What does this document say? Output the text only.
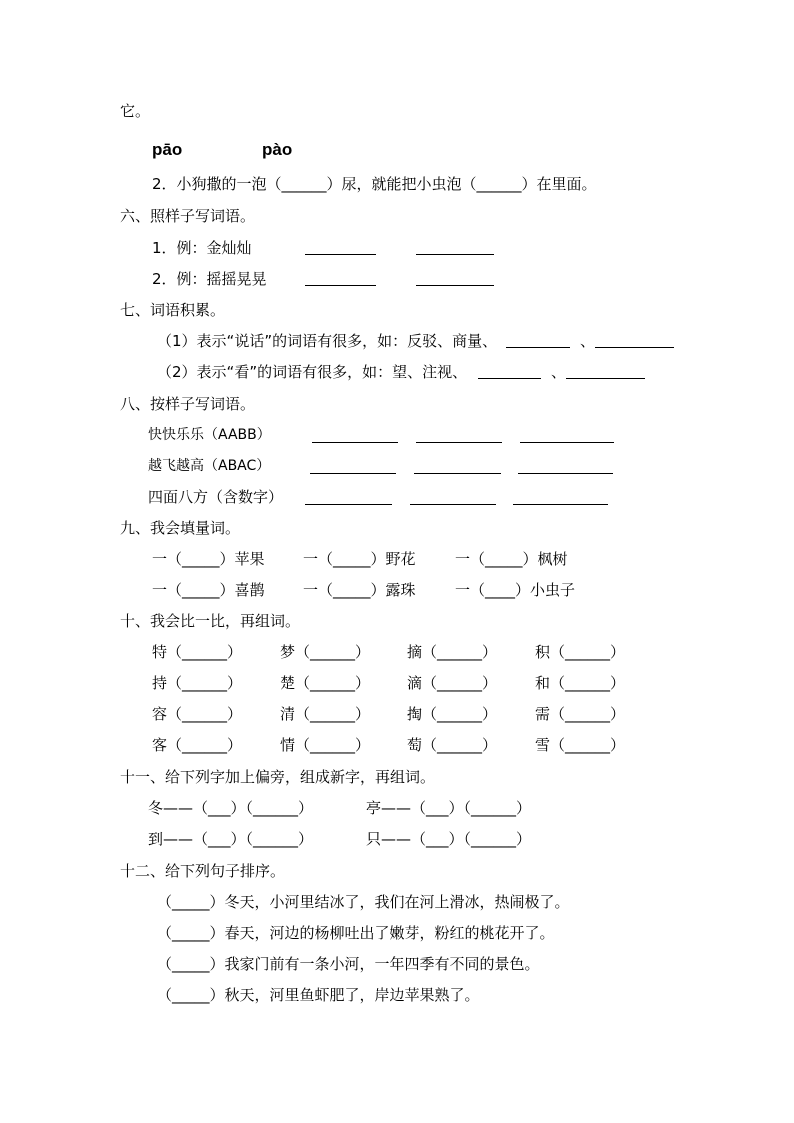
它。
pāo	pào
2．小狗撒的一泡（______）尿，就能把小虫泡（______）在里面。
六、照样子写词语。
1．例：金灿灿
2．例：摇摇晃晃
七、词语积累。
（1）表示“说话”的词语有很多，如：反驳、商量、	、
（2）表示“看”的词语有很多，如：望、注视、	、
八、按样子写词语。
快快乐乐（AABB）
越飞越高（ABAC）
四面八方（含数字）
九、我会填量词。
一（_____）苹果	一（_____）野花	一（_____）枫树
一（_____）喜鹊	一（_____）露珠	一（____）小虫子
十、我会比一比，再组词。
特（______）	梦（______） 摘（______）	积（______）
持（______）	楚（______） 滴（______）	和（______）
容（______）	清（______） 掏（______）	需（______）
客（______）	情（______） 萄（______）	雪（______）
十一、给下列字加上偏旁，组成新字，再组词。
冬——（___）（______）	亭——（___）（______）
到——（___）（______）	只——（___）（______）
十二、给下列句子排序。
（_____）冬天，小河里结冰了，我们在河上滑冰，热闹极了。
（_____）春天，河边的杨柳吐出了嫩芽，粉红的桃花开了。
（_____）我家门前有一条小河，一年四季有不同的景色。
（_____）秋天，河里鱼虾肥了，岸边苹果熟了。
